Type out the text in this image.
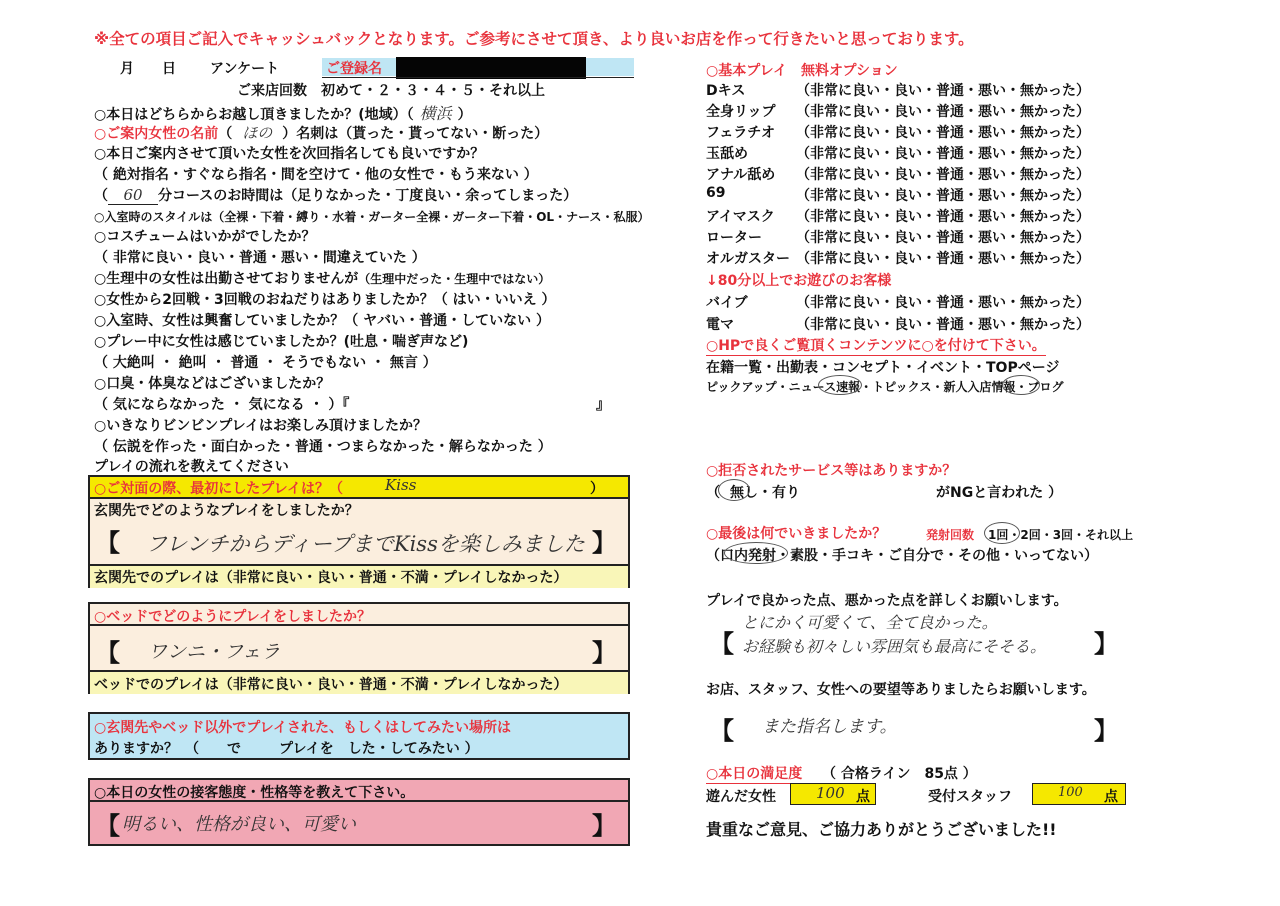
※全ての項目ご記入でキャッシュバックとなります。ご参考にさせて頂き、より良いお店を作って行きたいと思っております。
月　　日 アンケート	ご登録名
ご来店回数　初めて・２・３・４・５・それ以上
○本日はどちらからお越し頂きましたか？(地域）（ 横浜 ）
○ご案内女性の名前（ ほの ）名刺は（貰った・貰ってない・断った）
○本日ご案内させて頂いた女性を次回指名しても良いですか？
（ 絶対指名・すぐなら指名・間を空けて・他の女性で・もう来ない ）
（ 60 分コースのお時間は（足りなかった・丁度良い・余ってしまった）
○入室時のスタイルは（全裸・下着・縛り・水着・ガーター全裸・ガーター下着・OL・ナース・私服）
○コスチュームはいかがでしたか？
（ 非常に良い・良い・普通・悪い・間違えていた ）
○生理中の女性は出勤させておりませんが（生理中だった・生理中ではない）
○女性から2回戦・3回戦のおねだりはありましたか？（ はい・いいえ ）
○入室時、女性は興奮していましたか？（ ヤバい・普通・していない ）
○プレー中に女性は感じていましたか？(吐息・喘ぎ声など)
（ 大絶叫 ・ 絶叫 ・ 普通 ・ そうでもない ・ 無言 ）
○口臭・体臭などはございましたか？
（ 気にならなかった ・ 気になる ・ ）『	』
○いきなりビンビンプレイはお楽しみ頂けましたか？
（ 伝説を作った・面白かった・普通・つまらなかった・解らなかった ）
プレイの流れを教えてください
○ご対面の際、最初にしたプレイは？（	Kiss	）
玄関先でどのようなプレイをしましたか？
【 フレンチからディープまでKissを楽しみました 】
玄関先でのプレイは（非常に良い・良い・普通・不満・プレイしなかった）
○ベッドでどのようにプレイをしましたか？
【 ワンニ・フェラ	】
ベッドでのプレイは（非常に良い・良い・普通・不満・プレイしなかった）
○玄関先やベッド以外でプレイされた、もしくはしてみたい場所は
ありますか？　（ で	プレイを　した・してみたい ）
○本日の女性の接客態度・性格等を教えて下さい。
【 明るい、性格が良い、可愛い	】
○基本プレイ　無料オプション
Dキス	（非常に良い・良い・普通・悪い・無かった）
全身リップ （非常に良い・良い・普通・悪い・無かった）
フェラチオ （非常に良い・良い・普通・悪い・無かった）
玉舐め	（非常に良い・良い・普通・悪い・無かった）
アナル舐め （非常に良い・良い・普通・悪い・無かった）
69	（非常に良い・良い・普通・悪い・無かった）
アイマスク （非常に良い・良い・普通・悪い・無かった）
ローター （非常に良い・良い・普通・悪い・無かった）
オルガスター （非常に良い・良い・普通・悪い・無かった）
↓80分以上でお遊びのお客様
バイブ	（非常に良い・良い・普通・悪い・無かった）
電マ	（非常に良い・良い・普通・悪い・無かった）
○HPで良くご覧頂くコンテンツに○を付けて下さい。
在籍一覧・出勤表・コンセプト・イベント・TOPページ
ピックアップ・ニュース速報・トピックス・新人入店情報・ブログ
○拒否されたサービス等はありますか？
（ 無し・有り	がNGと言われた ）
○最後は何でいきましたか？	発射回数 1回・2回・3回・それ以上
（口内発射・素股・手コキ・ご自分で・その他・いってない）
プレイで良かった点、悪かった点を詳しくお願いします。
【
とにかく可愛くて、全て良かった。
お経験も初々しい雰囲気も最高にそそる。 】
お店、スタッフ、女性への要望等ありましたらお願いします。
【 また指名します。	】
○本日の満足度 （ 合格ライン　85点 ）
遊んだ女性	100 点	受付スタッフ	100 点
貴重なご意見、ご協力ありがとうございました!!
